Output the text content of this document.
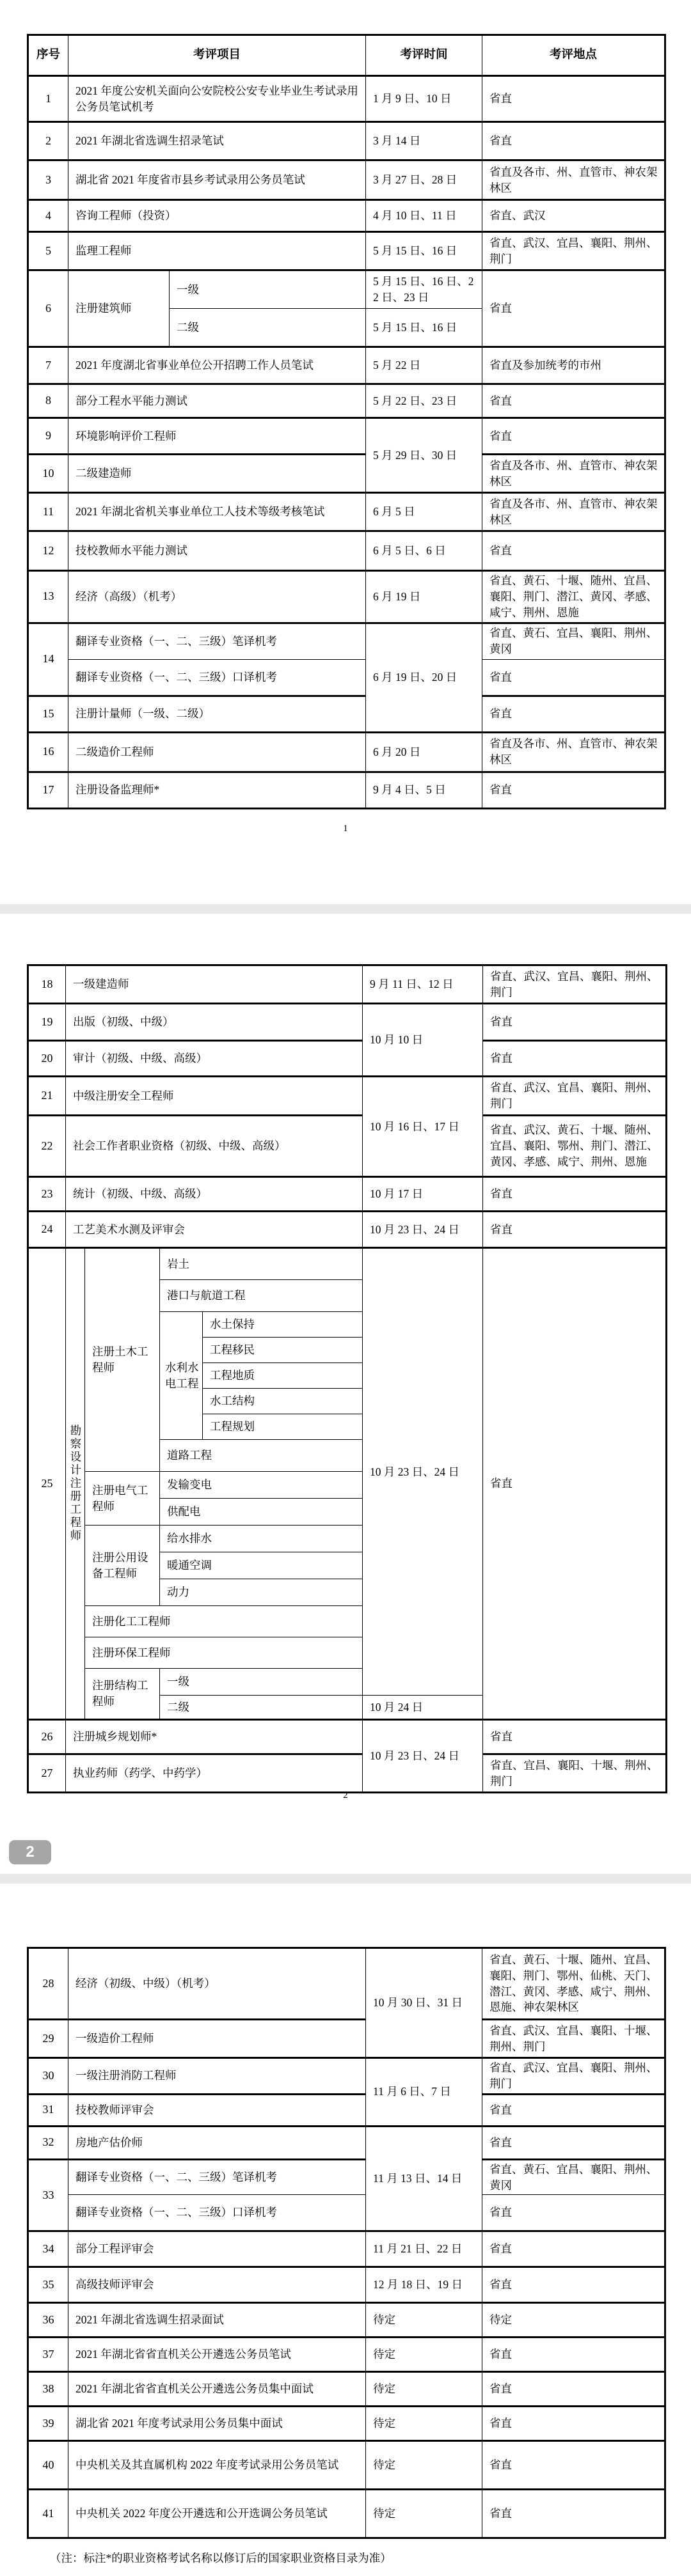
序号	考评项目		考评时间	考评地点
1	2021 年度公安机关面向公安院校公安专业毕业生考试录用公务员笔试机考		1 月 9 日、10 日	省直
2	2021 年湖北省选调生招录笔试		3 月 14 日	省直
3	湖北省 2021 年度省市县乡考试录用公务员笔试		3 月 27 日、28 日	省直及各市、州、直管市、神农架林区
4	咨询工程师（投资）		4 月 10 日、11 日	省直、武汉
5	监理工程师		5 月 15 日、16 日	省直、武汉、宜昌、襄阳、荆州、荆门
6	注册建筑师	一级	5 月 15 日、16 日、22 日、23 日	省直
		二级	5 月 15 日、16 日	
7	2021 年度湖北省事业单位公开招聘工作人员笔试		5 月 22 日	省直及参加统考的市州
8	部分工程水平能力测试		5 月 22 日、23 日	省直
9	环境影响评价工程师		5 月 29 日、30 日	省直
10	二级建造师			省直及各市、州、直管市、神农架林区
11	2021 年湖北省机关事业单位工人技术等级考核笔试		6 月 5 日	省直及各市、州、直管市、神农架林区
12	技校教师水平能力测试		6 月 5 日、6 日	省直
13	经济（高级）（机考）		6 月 19 日	省直、黄石、十堰、随州、宜昌、襄阳、荆门、潜江、黄冈、孝感、咸宁、荆州、恩施
14	翻译专业资格（一、二、三级）笔译机考		6 月 19 日、20 日	省直、黄石、宜昌、襄阳、荆州、黄冈
	翻译专业资格（一、二、三级）口译机考			省直
15	注册计量师（一级、二级）			省直
16	二级造价工程师		6 月 20 日	省直及各市、州、直管市、神农架林区
17	注册设备监理师*		9 月 4 日、5 日	省直
1
18	一级建造师				9 月 11 日、12 日	省直、武汉、宜昌、襄阳、荆州、荆门
19	出版（初级、中级）				10 月 10 日	省直
20	审计（初级、中级、高级）					省直
21	中级注册安全工程师				10 月 16 日、17 日	省直、武汉、宜昌、襄阳、荆州、荆门
22	社会工作者职业资格（初级、中级、高级）					省直、武汉、黄石、十堰、随州、宜昌、襄阳、鄂州、荆门、潜江、黄冈、孝感、咸宁、荆州、恩施
23	统计（初级、中级、高级）				10 月 17 日	省直
24	工艺美术水测及评审会				10 月 23 日、24 日	省直
25	勘察设计注册工程师	注册土木工程师	岩土		10 月 23 日、24 日	省直
			港口与航道工程			
			水利水电工程	水土保持		
				工程移民		
				工程地质		
				水工结构		
				工程规划		
			道路工程			
		注册电气工程师	发输变电			
			供配电			
		注册公用设备工程师	给水排水			
			暖通空调			
			动力			
		注册化工工程师				
		注册环保工程师				
		注册结构工程师	一级			
			二级		10 月 24 日	
26	注册城乡规划师*				10 月 23 日、24 日	省直
27	执业药师（药学、中药学）					省直、宜昌、襄阳、十堰、荆州、荆门
2
2
28	经济（初级、中级）（机考）	10 月 30 日、31 日	省直、黄石、十堰、随州、宜昌、襄阳、荆门、鄂州、仙桃、天门、潜江、黄冈、孝感、咸宁、荆州、恩施、神农架林区
29	一级造价工程师		省直、武汉、宜昌、襄阳、十堰、荆州、荆门
30	一级注册消防工程师	11 月 6 日、7 日	省直、武汉、宜昌、襄阳、荆州、荆门
31	技校教师评审会		省直
32	房地产估价师	11 月 13 日、14 日	省直
33	翻译专业资格（一、二、三级）笔译机考		省直、黄石、宜昌、襄阳、荆州、黄冈
	翻译专业资格（一、二、三级）口译机考		省直
34	部分工程评审会	11 月 21 日、22 日	省直
35	高级技师评审会	12 月 18 日、19 日	省直
36	2021 年湖北省选调生招录面试	待定	待定
37	2021 年湖北省省直机关公开遴选公务员笔试	待定	省直
38	2021 年湖北省省直机关公开遴选公务员集中面试	待定	省直
39	湖北省 2021 年度考试录用公务员集中面试	待定	省直
40	中央机关及其直属机构 2022 年度考试录用公务员笔试	待定	省直
41	中央机关 2022 年度公开遴选和公开选调公务员笔试	待定	省直
（注：标注*的职业资格考试名称以修订后的国家职业资格目录为准）
